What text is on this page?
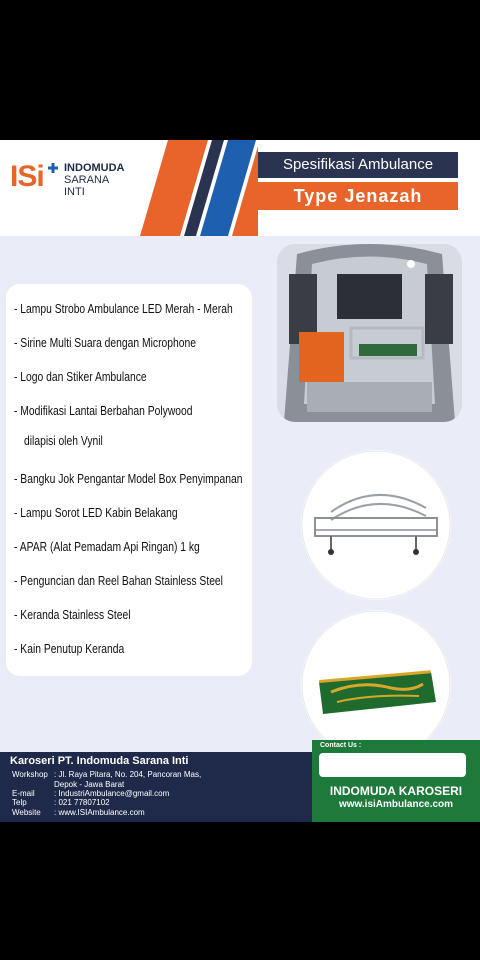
ISi INDOMUDA
SARANA
INTI
Spesifikasi Ambulance
Type Jenazah
- Lampu Strobo Ambulance LED Merah - Merah
- Sirine Multi Suara dengan Microphone
- Logo dan Stiker Ambulance
- Modifikasi Lantai Berbahan Polywood
dilapisi oleh Vynil
- Bangku Jok Pengantar Model Box Penyimpanan
- Lampu Sorot LED Kabin Belakang
- APAR (Alat Pemadam Api Ringan) 1 kg
- Penguncian dan Reel Bahan Stainless Steel
- Keranda Stainless Steel
- Kain Penutup Keranda
Karoseri PT. Indomuda Sarana Inti
Workshop : Jl. Raya Pitara, No. 204, Pancoran Mas,
Depok - Jawa Barat
E-mail : IndustriAmbulance@gmail.com
Telp	: 021 77807102
Website : www.ISIAmbulance.com
Contact Us :
INDOMUDA KAROSERI
www.isiAmbulance.com
